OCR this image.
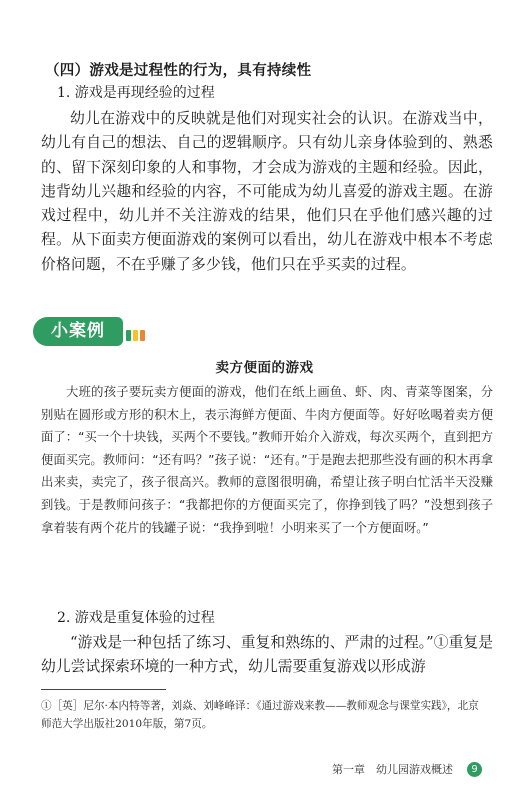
（四）游戏是过程性的行为，具有持续性
1. 游戏是再现经验的过程
幼儿在游戏中的反映就是他们对现实社会的认识。在游戏当中，幼儿有自己的想法、自己的逻辑顺序。只有幼儿亲身体验到的、熟悉的、留下深刻印象的人和事物，才会成为游戏的主题和经验。因此，违背幼儿兴趣和经验的内容，不可能成为幼儿喜爱的游戏主题。在游戏过程中，幼儿并不关注游戏的结果，他们只在乎他们感兴趣的过程。从下面卖方便面游戏的案例可以看出，幼儿在游戏中根本不考虑价格问题，不在乎赚了多少钱，他们只在乎买卖的过程。
小案例
卖方便面的游戏
大班的孩子要玩卖方便面的游戏，他们在纸上画鱼、虾、肉、青菜等图案，分别贴在圆形或方形的积木上，表示海鲜方便面、牛肉方便面等。好好吆喝着卖方便面了：“买一个十块钱，买两个不要钱。”教师开始介入游戏，每次买两个，直到把方便面买完。教师问：“还有吗？”孩子说：“还有。”于是跑去把那些没有画的积木再拿出来卖，卖完了，孩子很高兴。教师的意图很明确，希望让孩子明白忙活半天没赚到钱。于是教师问孩子：“我都把你的方便面买完了，你挣到钱了吗？”没想到孩子拿着装有两个花片的钱罐子说：“我挣到啦！小明来买了一个方便面呀。”
2. 游戏是重复体验的过程
“游戏是一种包括了练习、重复和熟练的、严肃的过程。”①重复是幼儿尝试探索环境的一种方式，幼儿需要重复游戏以形成游
①［英］尼尔·本内特等著，刘焱、刘峰峰译：《通过游戏来教——教师观念与课堂实践》，北京师范大学出版社2010年版，第7页。
第一章　幼儿园游戏概述	9
